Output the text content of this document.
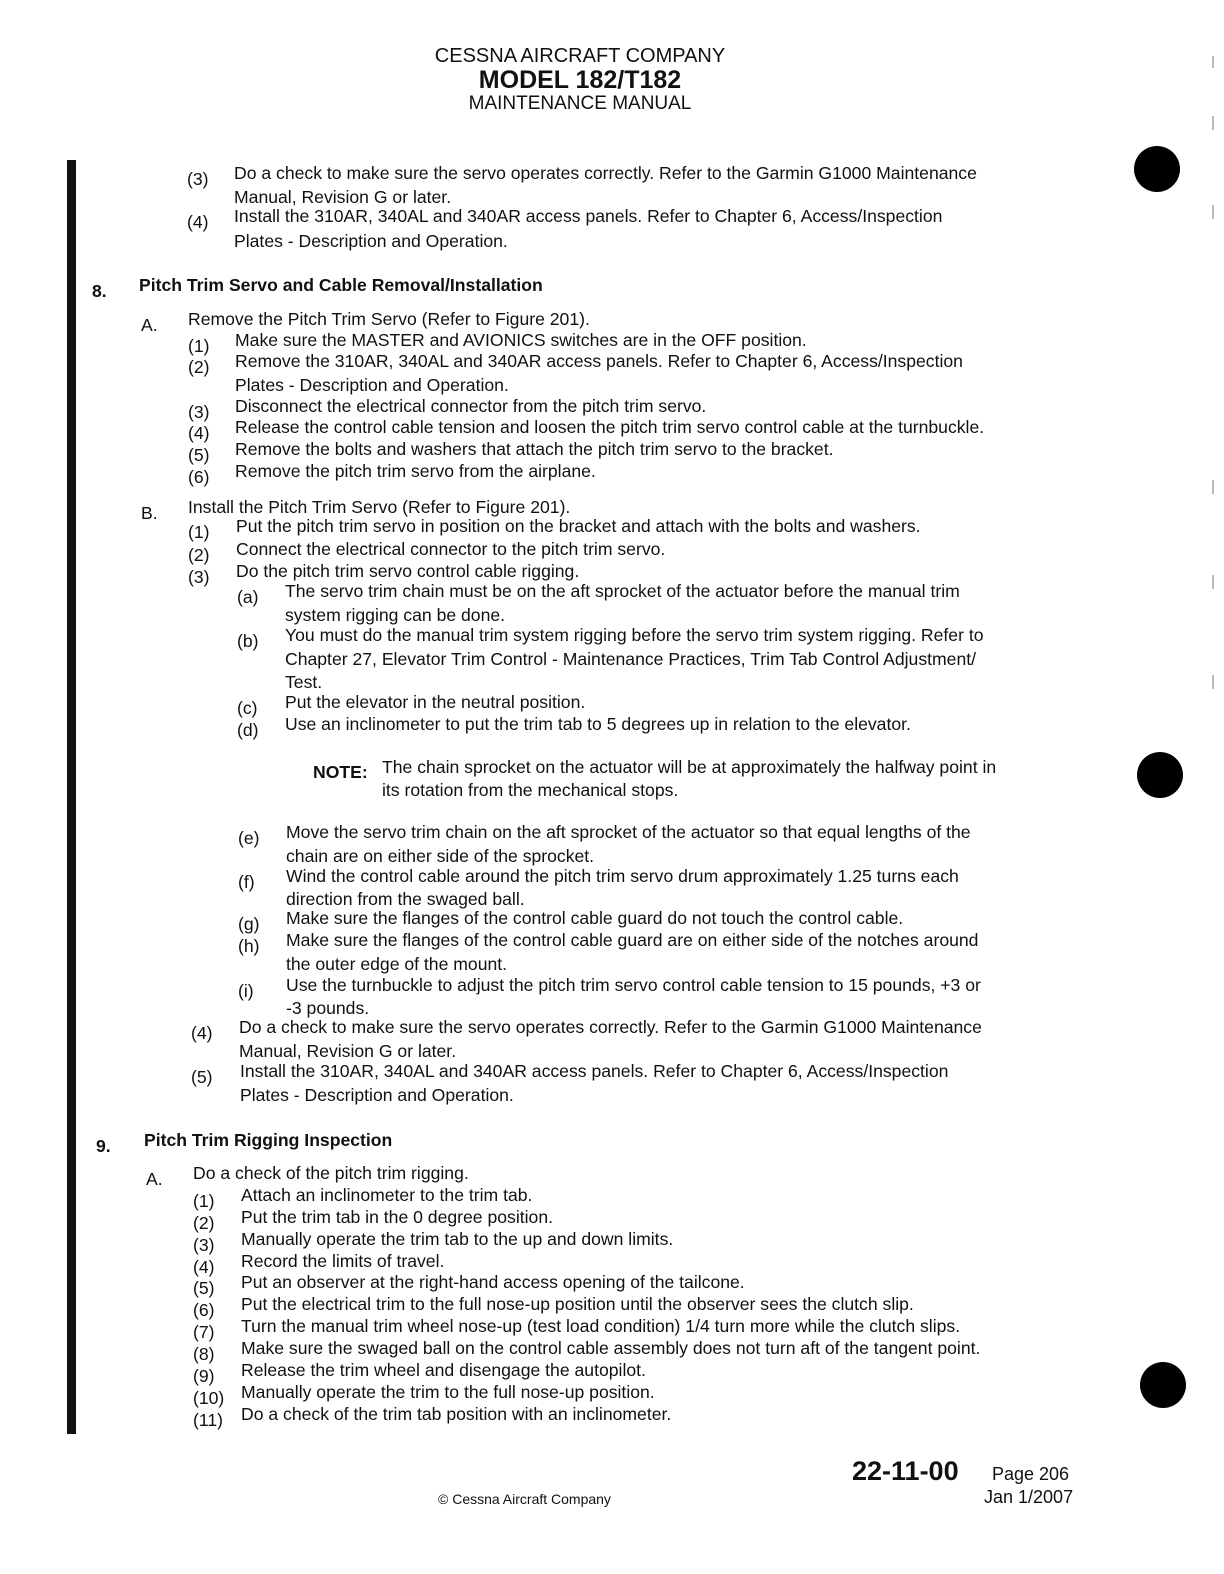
CESSNA AIRCRAFT COMPANY
MODEL 182/T182
MAINTENANCE MANUAL
(3) Do a check to make sure the servo operates correctly. Refer to the Garmin G1000 Maintenance
Manual, Revision G or later.
(4) Install the 310AR, 340AL and 340AR access panels. Refer to Chapter 6, Access/Inspection
Plates - Description and Operation.
8. Pitch Trim Servo and Cable Removal/Installation
A. Remove the Pitch Trim Servo (Refer to Figure 201).
(1) Make sure the MASTER and AVIONICS switches are in the OFF position.
(2) Remove the 310AR, 340AL and 340AR access panels. Refer to Chapter 6, Access/Inspection
Plates - Description and Operation.
(3) Disconnect the electrical connector from the pitch trim servo.
(4) Release the control cable tension and loosen the pitch trim servo control cable at the turnbuckle.
(5) Remove the bolts and washers that attach the pitch trim servo to the bracket.
(6) Remove the pitch trim servo from the airplane.
B. Install the Pitch Trim Servo (Refer to Figure 201).
(1) Put the pitch trim servo in position on the bracket and attach with the bolts and washers.
(2) Connect the electrical connector to the pitch trim servo.
(3) Do the pitch trim servo control cable rigging.
(a) The servo trim chain must be on the aft sprocket of the actuator before the manual trim
system rigging can be done.
(b) You must do the manual trim system rigging before the servo trim system rigging. Refer to
Chapter 27, Elevator Trim Control - Maintenance Practices, Trim Tab Control Adjustment/
Test.
(c) Put the elevator in the neutral position.
(d) Use an inclinometer to put the trim tab to 5 degrees up in relation to the elevator.
NOTE: The chain sprocket on the actuator will be at approximately the halfway point in
its rotation from the mechanical stops.
(e) Move the servo trim chain on the aft sprocket of the actuator so that equal lengths of the
chain are on either side of the sprocket.
(f) Wind the control cable around the pitch trim servo drum approximately 1.25 turns each
direction from the swaged ball.
(g) Make sure the flanges of the control cable guard do not touch the control cable.
(h) Make sure the flanges of the control cable guard are on either side of the notches around
the outer edge of the mount.
(i) Use the turnbuckle to adjust the pitch trim servo control cable tension to 15 pounds, +3 or
-3 pounds.
(4) Do a check to make sure the servo operates correctly. Refer to the Garmin G1000 Maintenance
Manual, Revision G or later.
(5) Install the 310AR, 340AL and 340AR access panels. Refer to Chapter 6, Access/Inspection
Plates - Description and Operation.
9. Pitch Trim Rigging Inspection
A. Do a check of the pitch trim rigging.
(1) Attach an inclinometer to the trim tab.
(2) Put the trim tab in the 0 degree position.
(3) Manually operate the trim tab to the up and down limits.
(4) Record the limits of travel.
(5) Put an observer at the right-hand access opening of the tailcone.
(6) Put the electrical trim to the full nose-up position until the observer sees the clutch slip.
(7) Turn the manual trim wheel nose-up (test load condition) 1/4 turn more while the clutch slips.
(8) Make sure the swaged ball on the control cable assembly does not turn aft of the tangent point.
(9) Release the trim wheel and disengage the autopilot.
(10) Manually operate the trim to the full nose-up position.
(11) Do a check of the trim tab position with an inclinometer.
22-11-00 Page 206
Jan 1/2007
© Cessna Aircraft Company
